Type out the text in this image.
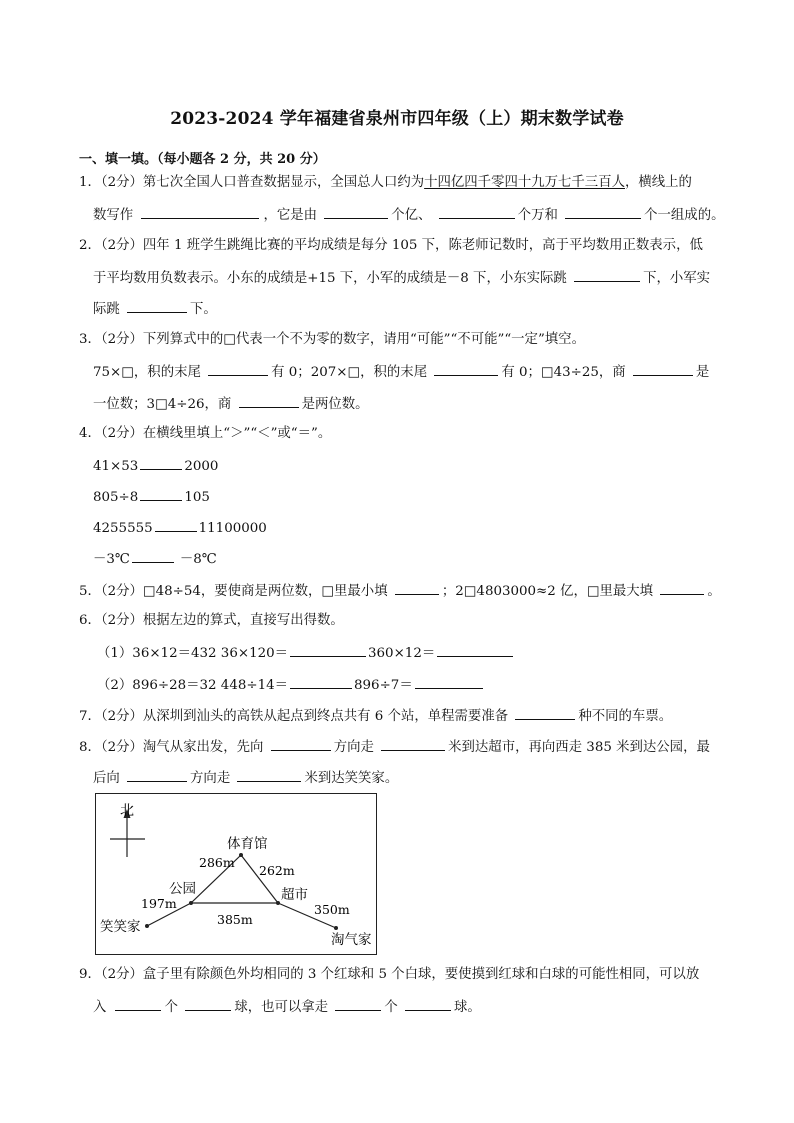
2023-2024 学年福建省泉州市四年级（上）期末数学试卷
一、填一填。（每小题各 2 分，共 20 分）
1．（2分）第七次全国人口普查数据显示，全国总人口约为十四亿四千零四十九万七千三百人，横线上的
数写作	，它是由	个亿、	个万和	个一组成的。
2．（2分）四年 1 班学生跳绳比赛的平均成绩是每分 105 下，陈老师记数时，高于平均数用正数表示，低
于平均数用负数表示。小东的成绩是+15 下，小军的成绩是－8 下，小东实际跳	下，小军实
际跳	下。
3．（2分）下列算式中的□代表一个不为零的数字，请用“可能”“不可能”“一定”填空。
75×□，积的末尾	有 0；207×□，积的末尾	有 0；□43÷25，商	是
一位数；3□4÷26，商	是两位数。
4．（2分）在横线里填上“＞”“＜”或“＝”。
41×53	2000
805÷8	105
4255555	11100000
－3℃	－8℃
5．（2分）□48÷54，要使商是两位数，□里最小填	；2□4803000≈2 亿，□里最大填	。
6．（2分）根据左边的算式，直接写出得数。
（1）36×12＝432 36×120＝	360×12＝
（2）896÷28＝32 448÷14＝	896÷7＝
7．（2分）从深圳到汕头的高铁从起点到终点共有 6 个站，单程需要准备	种不同的车票。
8．（2分）淘气从家出发，先向	方向走	米到达超市，再向西走 385 米到达公园，最
后向	方向走	米到达笑笑家。
北
体育馆
公园	超市
笑笑家
淘气家
286m
262m
197m
385m
350m
9．（2分）盒子里有除颜色外均相同的 3 个红球和 5 个白球，要使摸到红球和白球的可能性相同，可以放
入	个	球，也可以拿走	个	球。
